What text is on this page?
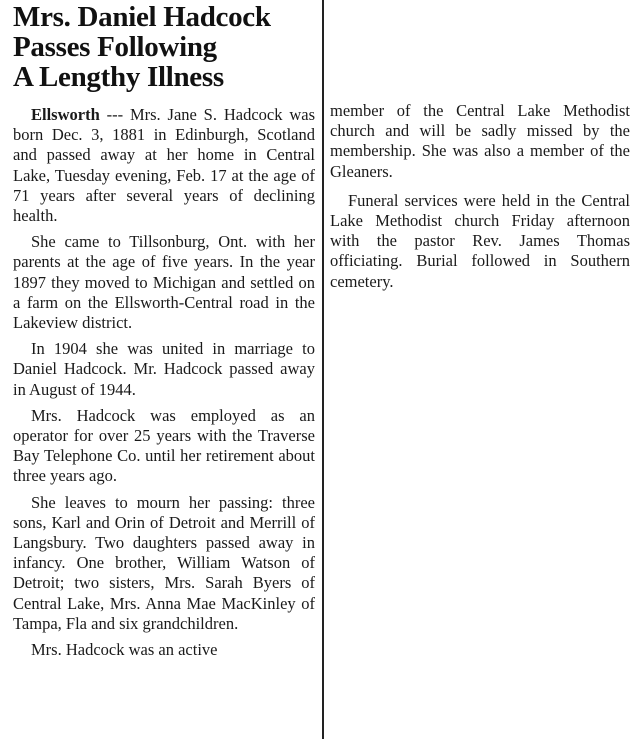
Mrs. Daniel Hadcock
Passes Following
A Lengthy Illness

Ellsworth --- Mrs. Jane S. Hadcock was born Dec. 3, 1881 in Edinburgh, Scotland and passed away at her home in Central Lake, Tuesday evening, Feb. 17 at the age of 71 years after several years of declining health.

She came to Tillsonburg, Ont. with her parents at the age of five years. In the year 1897 they moved to Michigan and settled on a farm on the Ellsworth-Central road in the Lakeview district.

In 1904 she was united in marriage to Daniel Hadcock. Mr. Hadcock passed away in August of 1944.

Mrs. Hadcock was employed as an operator for over 25 years with the Traverse Bay Telephone Co. until her retirement about three years ago.

She leaves to mourn her passing: three sons, Karl and Orin of Detroit and Merrill of Langsbury. Two daughters passed away in infancy. One brother, William Watson of Detroit; two sisters, Mrs. Sarah Byers of Central Lake, Mrs. Anna Mae MacKinley of Tampa, Fla and six grandchildren.

Mrs. Hadcock was an active

member of the Central Lake Methodist church and will be sadly missed by the membership. She was also a member of the Gleaners.

Funeral services were held in the Central Lake Methodist church Friday afternoon with the pastor Rev. James Thomas officiating. Burial followed in Southern cemetery.
